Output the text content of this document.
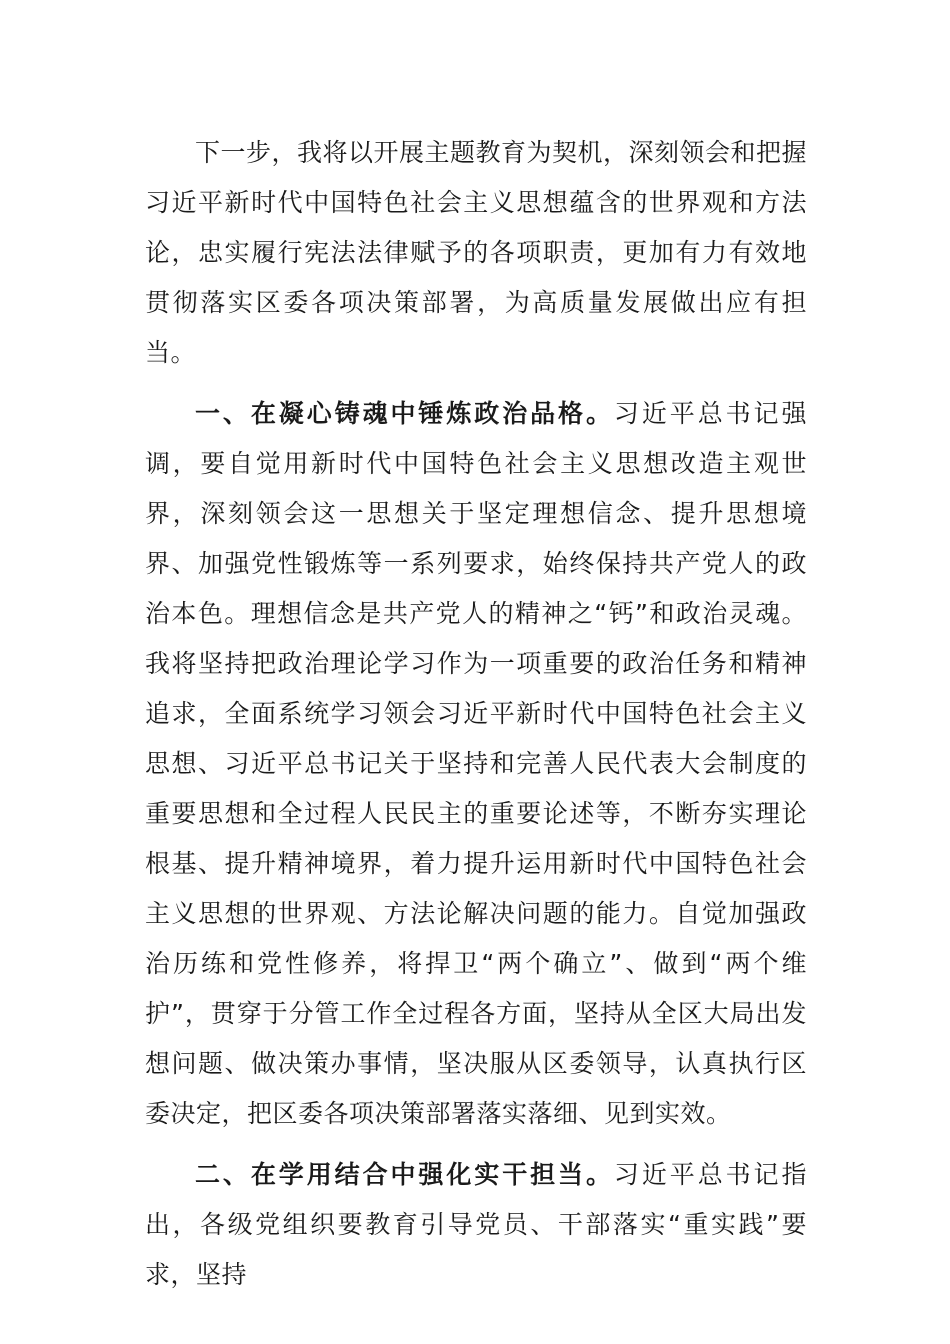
下一步，我将以开展主题教育为契机，深刻领会和把握习近平新时代中国特色社会主义思想蕴含的世界观和方法论，忠实履行宪法法律赋予的各项职责，更加有力有效地贯彻落实区委各项决策部署，为高质量发展做出应有担当。

一、在凝心铸魂中锤炼政治品格。习近平总书记强调，要自觉用新时代中国特色社会主义思想改造主观世界，深刻领会这一思想关于坚定理想信念、提升思想境界、加强党性锻炼等一系列要求，始终保持共产党人的政治本色。理想信念是共产党人的精神之“钙”和政治灵魂。我将坚持把政治理论学习作为一项重要的政治任务和精神追求，全面系统学习领会习近平新时代中国特色社会主义思想、习近平总书记关于坚持和完善人民代表大会制度的重要思想和全过程人民民主的重要论述等，不断夯实理论根基、提升精神境界，着力提升运用新时代中国特色社会主义思想的世界观、方法论解决问题的能力。自觉加强政治历练和党性修养，将捍卫“两个确立”、做到“两个维护”，贯穿于分管工作全过程各方面，坚持从全区大局出发想问题、做决策办事情，坚决服从区委领导，认真执行区委决定，把区委各项决策部署落实落细、见到实效。

二、在学用结合中强化实干担当。习近平总书记指出，各级党组织要教育引导党员、干部落实“重实践”要求，坚持
